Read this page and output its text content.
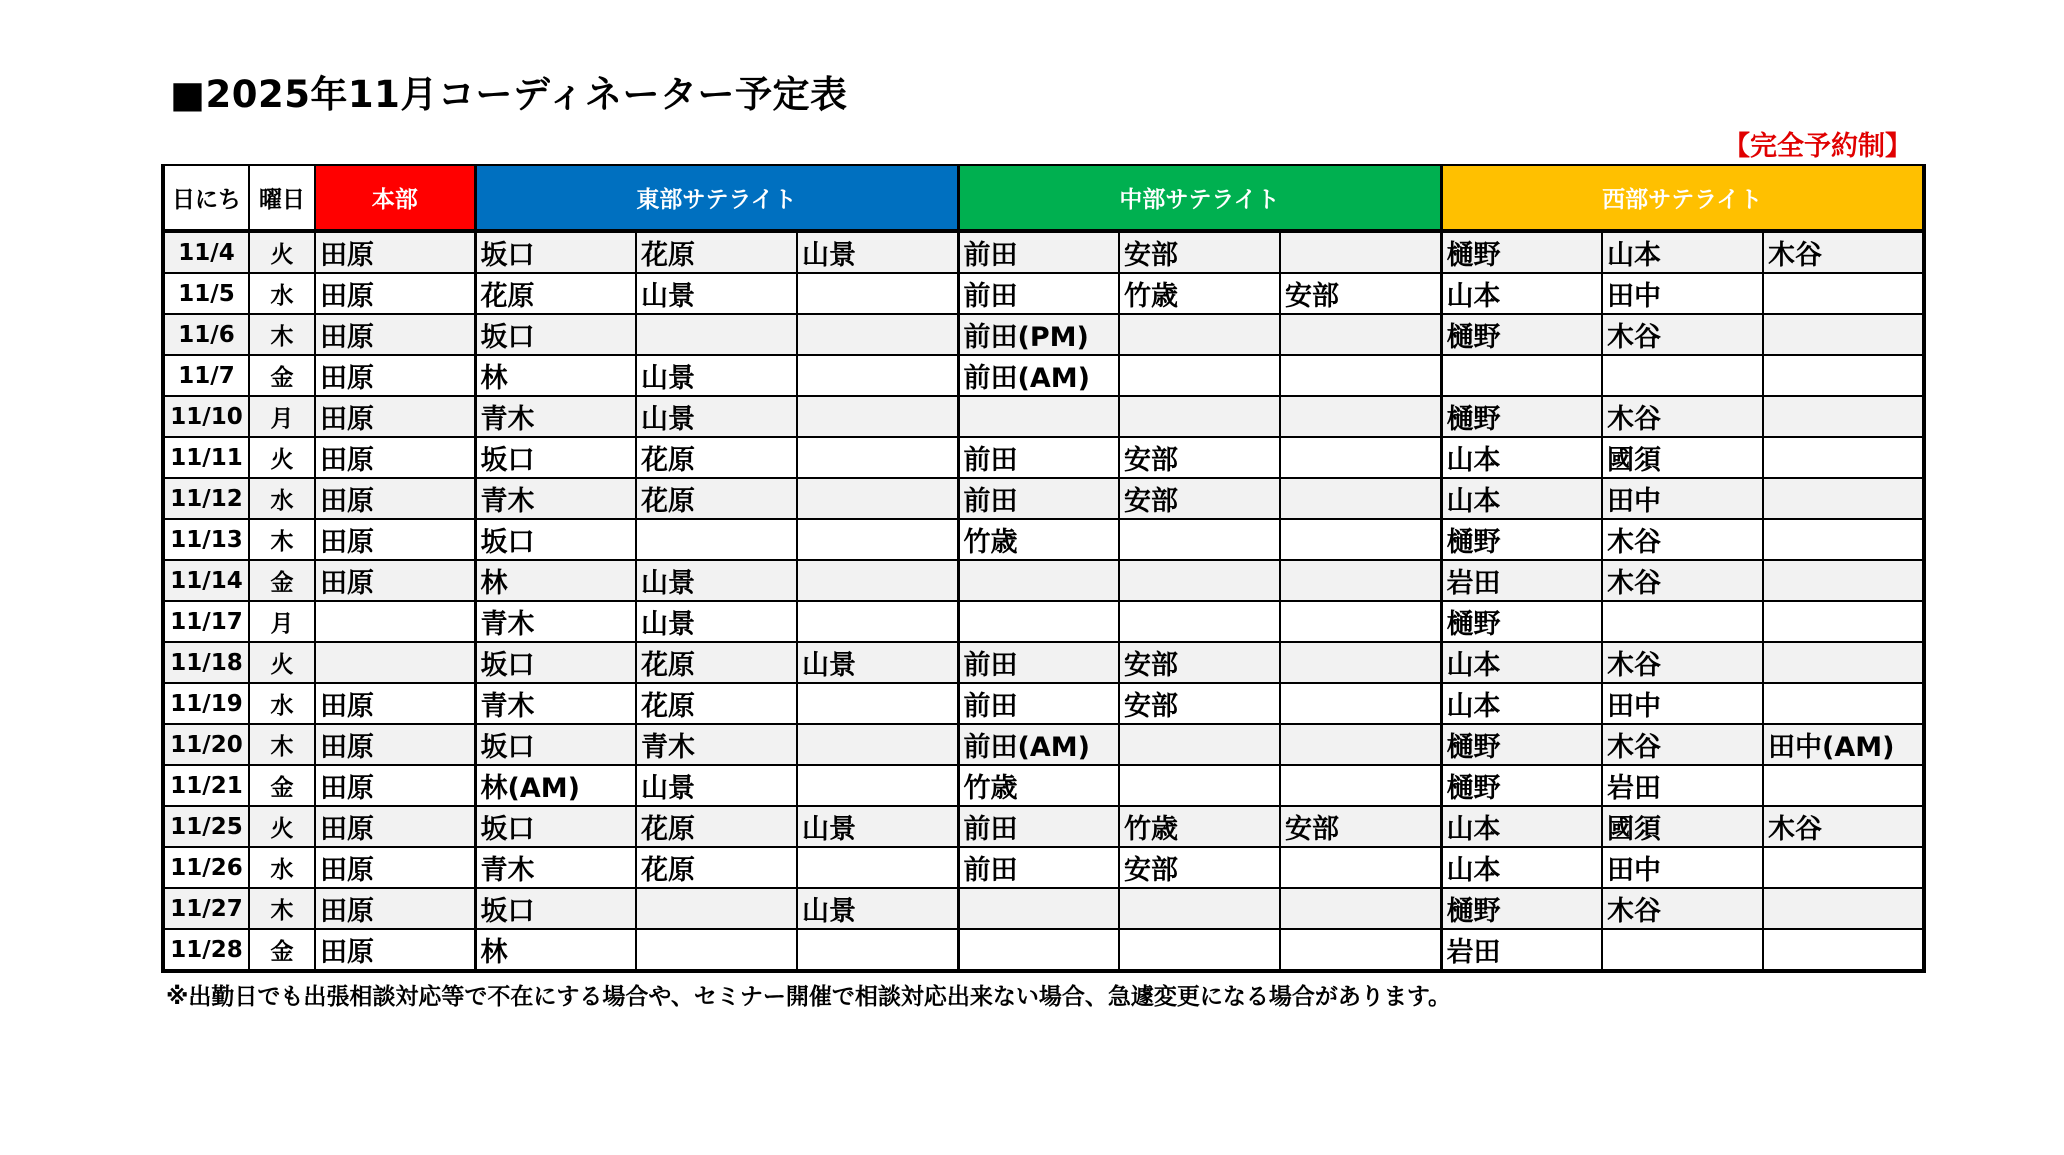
■2025年11月コーディネーター予定表
【完全予約制】
日にち	曜日	本部	東部サテライト			中部サテライト			西部サテライト		
11/4	火	田原	坂口	花原	山景	前田	安部		樋野	山本	木谷
11/5	水	田原	花原	山景		前田	竹歳	安部	山本	田中	
11/6	木	田原	坂口			前田(PM)			樋野	木谷	
11/7	金	田原	林	山景		前田(AM)					
11/10	月	田原	青木	山景					樋野	木谷	
11/11	火	田原	坂口	花原		前田	安部		山本	國須	
11/12	水	田原	青木	花原		前田	安部		山本	田中	
11/13	木	田原	坂口			竹歳			樋野	木谷	
11/14	金	田原	林	山景					岩田	木谷	
11/17	月		青木	山景					樋野		
11/18	火		坂口	花原	山景	前田	安部		山本	木谷	
11/19	水	田原	青木	花原		前田	安部		山本	田中	
11/20	木	田原	坂口	青木		前田(AM)			樋野	木谷	田中(AM)
11/21	金	田原	林(AM)	山景		竹歳			樋野	岩田	
11/25	火	田原	坂口	花原	山景	前田	竹歳	安部	山本	國須	木谷
11/26	水	田原	青木	花原		前田	安部		山本	田中	
11/27	木	田原	坂口		山景				樋野	木谷	
11/28	金	田原	林						岩田		
※出勤日でも出張相談対応等で不在にする場合や、セミナー開催で相談対応出来ない場合、急遽変更になる場合があります。
